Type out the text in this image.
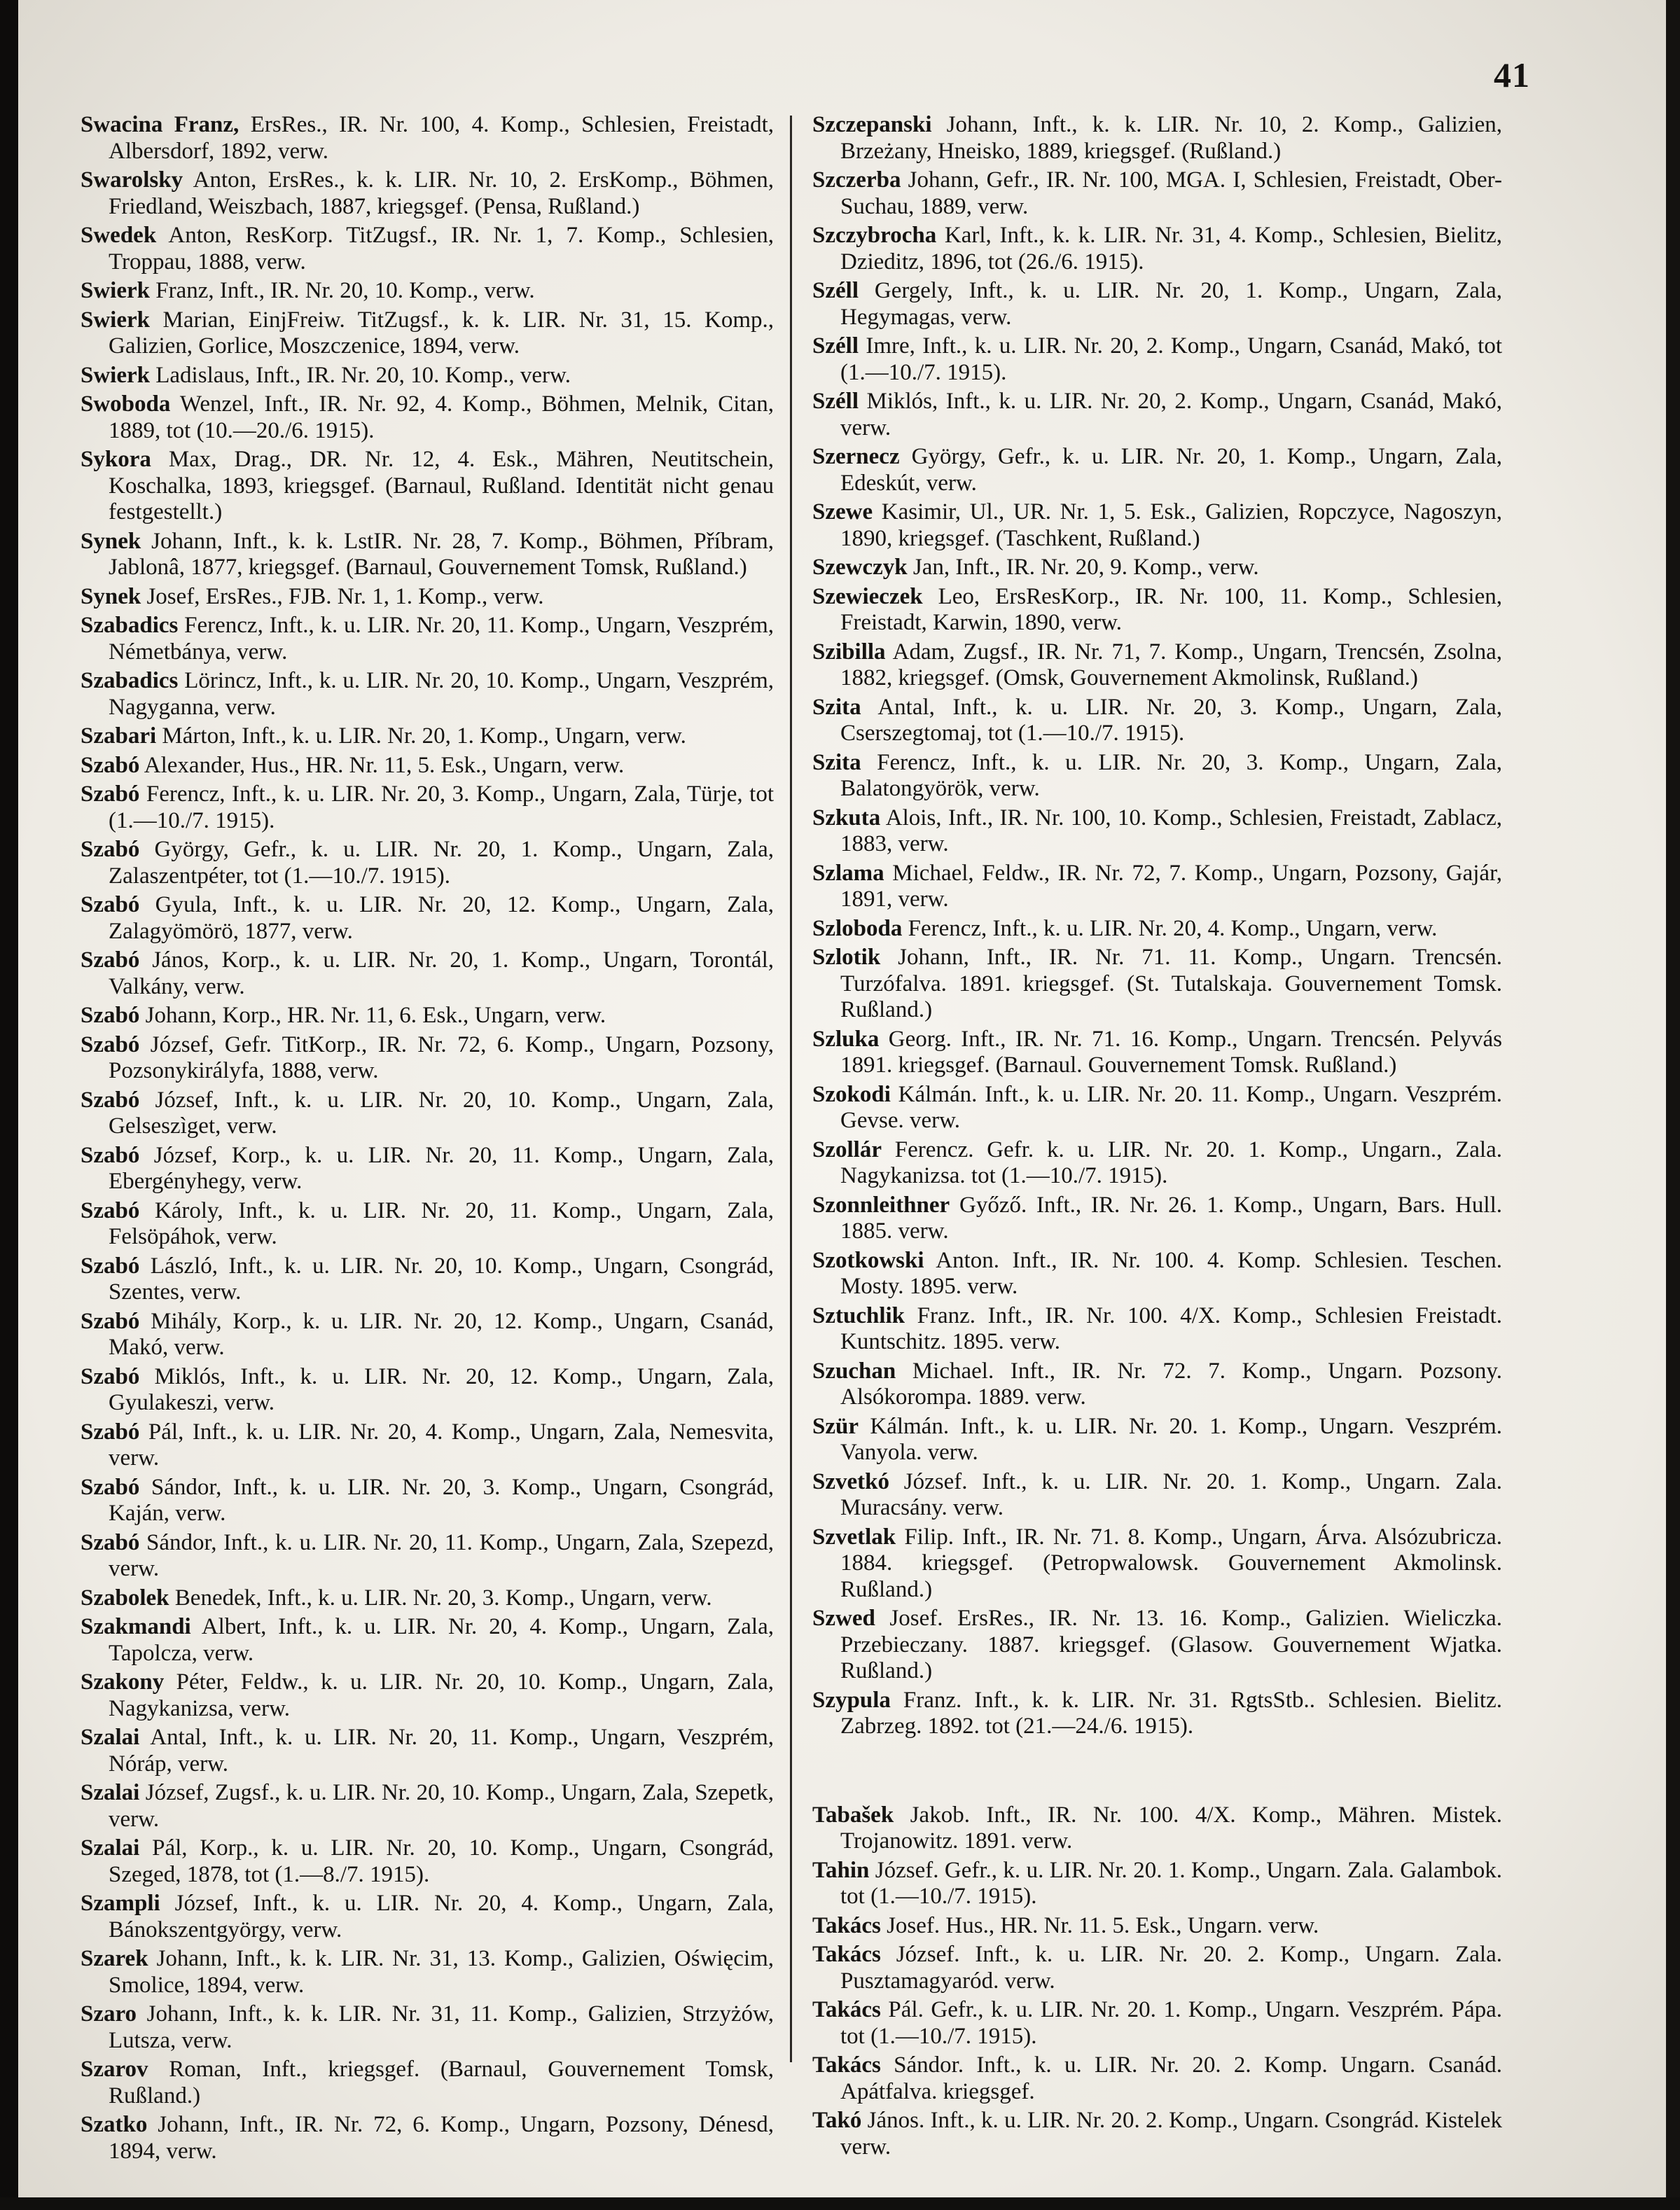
41

Swacina Franz, ErsRes., IR. Nr. 100, 4. Komp., Schlesien, Freistadt, Albersdorf, 1892, verw.

Swarolsky Anton, ErsRes., k. k. LIR. Nr. 10, 2. ErsKomp., Böhmen, Friedland, Weiszbach, 1887, kriegsgef. (Pensa, Rußland.)

Swedek Anton, ResKorp. TitZugsf., IR. Nr. 1, 7. Komp., Schlesien, Troppau, 1888, verw.

Swierk Franz, Inft., IR. Nr. 20, 10. Komp., verw.

Swierk Marian, EinjFreiw. TitZugsf., k. k. LIR. Nr. 31, 15. Komp., Galizien, Gorlice, Moszczenice, 1894, verw.

Swierk Ladislaus, Inft., IR. Nr. 20, 10. Komp., verw.

Swoboda Wenzel, Inft., IR. Nr. 92, 4. Komp., Böhmen, Melnik, Citan, 1889, tot (10.—20./6. 1915).

Sykora Max, Drag., DR. Nr. 12, 4. Esk., Mähren, Neutitschein, Koschalka, 1893, kriegsgef. (Barnaul, Rußland. Identität nicht genau festgestellt.)

Synek Johann, Inft., k. k. LstIR. Nr. 28, 7. Komp., Böhmen, Příbram, Jablonâ, 1877, kriegsgef. (Barnaul, Gouvernement Tomsk, Rußland.)

Synek Josef, ErsRes., FJB. Nr. 1, 1. Komp., verw.

Szabadics Ferencz, Inft., k. u. LIR. Nr. 20, 11. Komp., Ungarn, Veszprém, Németbánya, verw.

Szabadics Lörincz, Inft., k. u. LIR. Nr. 20, 10. Komp., Ungarn, Veszprém, Nagyganna, verw.

Szabari Márton, Inft., k. u. LIR. Nr. 20, 1. Komp., Ungarn, verw.

Szabó Alexander, Hus., HR. Nr. 11, 5. Esk., Ungarn, verw.

Szabó Ferencz, Inft., k. u. LIR. Nr. 20, 3. Komp., Ungarn, Zala, Türje, tot (1.—10./7. 1915).

Szabó György, Gefr., k. u. LIR. Nr. 20, 1. Komp., Ungarn, Zala, Zalaszentpéter, tot (1.—10./7. 1915).

Szabó Gyula, Inft., k. u. LIR. Nr. 20, 12. Komp., Ungarn, Zala, Zalagyömörö, 1877, verw.

Szabó János, Korp., k. u. LIR. Nr. 20, 1. Komp., Ungarn, Torontál, Valkány, verw.

Szabó Johann, Korp., HR. Nr. 11, 6. Esk., Ungarn, verw.

Szabó József, Gefr. TitKorp., IR. Nr. 72, 6. Komp., Ungarn, Pozsony, Pozsonykirályfa, 1888, verw.

Szabó József, Inft., k. u. LIR. Nr. 20, 10. Komp., Ungarn, Zala, Gelseszìget, verw.

Szabó József, Korp., k. u. LIR. Nr. 20, 11. Komp., Ungarn, Zala, Ebergényhegy, verw.

Szabó Károly, Inft., k. u. LIR. Nr. 20, 11. Komp., Ungarn, Zala, Felsöpáhok, verw.

Szabó László, Inft., k. u. LIR. Nr. 20, 10. Komp., Ungarn, Csongrád, Szentes, verw.

Szabó Mihály, Korp., k. u. LIR. Nr. 20, 12. Komp., Ungarn, Csanád, Makó, verw.

Szabó Miklós, Inft., k. u. LIR. Nr. 20, 12. Komp., Ungarn, Zala, Gyulakeszi, verw.

Szabó Pál, Inft., k. u. LIR. Nr. 20, 4. Komp., Ungarn, Zala, Nemesvita, verw.

Szabó Sándor, Inft., k. u. LIR. Nr. 20, 3. Komp., Ungarn, Csongrád, Kaján, verw.

Szabó Sándor, Inft., k. u. LIR. Nr. 20, 11. Komp., Ungarn, Zala, Szepezd, verw.

Szabolek Benedek, Inft., k. u. LIR. Nr. 20, 3. Komp., Ungarn, verw.

Szakmandi Albert, Inft., k. u. LIR. Nr. 20, 4. Komp., Ungarn, Zala, Tapolcza, verw.

Szakony Péter, Feldw., k. u. LIR. Nr. 20, 10. Komp., Ungarn, Zala, Nagykanizsa, verw.

Szalai Antal, Inft., k. u. LIR. Nr. 20, 11. Komp., Ungarn, Veszprém, Nóráp, verw.

Szalai József, Zugsf., k. u. LIR. Nr. 20, 10. Komp., Ungarn, Zala, Szepetk, verw.

Szalai Pál, Korp., k. u. LIR. Nr. 20, 10. Komp., Ungarn, Csongrád, Szeged, 1878, tot (1.—8./7. 1915).

Szampli József, Inft., k. u. LIR. Nr. 20, 4. Komp., Ungarn, Zala, Bánokszentgyörgy, verw.

Szarek Johann, Inft., k. k. LIR. Nr. 31, 13. Komp., Galizien, Oświęcim, Smolice, 1894, verw.

Szaro Johann, Inft., k. k. LIR. Nr. 31, 11. Komp., Galizien, Strzyżów, Lutsza, verw.

Szarov Roman, Inft., kriegsgef. (Barnaul, Gouvernement Tomsk, Rußland.)

Szatko Johann, Inft., IR. Nr. 72, 6. Komp., Ungarn, Pozsony, Dénesd, 1894, verw.

Szczepanski Johann, Inft., k. k. LIR. Nr. 10, 2. Komp., Galizien, Brzeżany, Hneisko, 1889, kriegsgef. (Rußland.)

Szczerba Johann, Gefr., IR. Nr. 100, MGA. I, Schlesien, Freistadt, Ober-Suchau, 1889, verw.

Szczybrocha Karl, Inft., k. k. LIR. Nr. 31, 4. Komp., Schlesien, Bielitz, Dzieditz, 1896, tot (26./6. 1915).

Széll Gergely, Inft., k. u. LIR. Nr. 20, 1. Komp., Ungarn, Zala, Hegymagas, verw.

Széll Imre, Inft., k. u. LIR. Nr. 20, 2. Komp., Ungarn, Csanád, Makó, tot (1.—10./7. 1915).

Széll Miklós, Inft., k. u. LIR. Nr. 20, 2. Komp., Ungarn, Csanád, Makó, verw.

Szernecz György, Gefr., k. u. LIR. Nr. 20, 1. Komp., Ungarn, Zala, Edeskút, verw.

Szewe Kasimir, Ul., UR. Nr. 1, 5. Esk., Galizien, Ropczyce, Nagoszyn, 1890, kriegsgef. (Taschkent, Rußland.)

Szewczyk Jan, Inft., IR. Nr. 20, 9. Komp., verw.

Szewieczek Leo, ErsResKorp., IR. Nr. 100, 11. Komp., Schlesien, Freistadt, Karwin, 1890, verw.

Szibilla Adam, Zugsf., IR. Nr. 71, 7. Komp., Ungarn, Trencsén, Zsolna, 1882, kriegsgef. (Omsk, Gouvernement Akmolinsk, Rußland.)

Szita Antal, Inft., k. u. LIR. Nr. 20, 3. Komp., Ungarn, Zala, Cserszegtomaj, tot (1.—10./7. 1915).

Szita Ferencz, Inft., k. u. LIR. Nr. 20, 3. Komp., Ungarn, Zala, Balatongyörök, verw.

Szkuta Alois, Inft., IR. Nr. 100, 10. Komp., Schlesien, Freistadt, Zablacz, 1883, verw.

Szlama Michael, Feldw., IR. Nr. 72, 7. Komp., Ungarn, Pozsony, Gajár, 1891, verw.

Szloboda Ferencz, Inft., k. u. LIR. Nr. 20, 4. Komp., Ungarn, verw.

Szlotik Johann, Inft., IR. Nr. 71. 11. Komp., Ungarn. Trencsén. Turzófalva. 1891. kriegsgef. (St. Tutalskaja. Gouvernement Tomsk. Rußland.)

Szluka Georg. Inft., IR. Nr. 71. 16. Komp., Ungarn. Trencsén. Pelyvás 1891. kriegsgef. (Barnaul. Gouvernement Tomsk. Rußland.)

Szokodi Kálmán. Inft., k. u. LIR. Nr. 20. 11. Komp., Ungarn. Veszprém. Gevse. verw.

Szollár Ferencz. Gefr. k. u. LIR. Nr. 20. 1. Komp., Ungarn., Zala. Nagykanizsa. tot (1.—10./7. 1915).

Szonnleithner Győző. Inft., IR. Nr. 26. 1. Komp., Ungarn, Bars. Hull. 1885. verw.

Szotkowski Anton. Inft., IR. Nr. 100. 4. Komp. Schlesien. Teschen. Mosty. 1895. verw.

Sztuchlik Franz. Inft., IR. Nr. 100. 4/X. Komp., Schlesien Freistadt. Kuntschitz. 1895. verw.

Szuchan Michael. Inft., IR. Nr. 72. 7. Komp., Ungarn. Pozsony. Alsókorompa. 1889. verw.

Szür Kálmán. Inft., k. u. LIR. Nr. 20. 1. Komp., Ungarn. Veszprém. Vanyola. verw.

Szvetkó József. Inft., k. u. LIR. Nr. 20. 1. Komp., Ungarn. Zala. Muracsány. verw.

Szvetlak Filip. Inft., IR. Nr. 71. 8. Komp., Ungarn, Árva. Alsózubricza. 1884. kriegsgef. (Petropwalowsk. Gouvernement Akmolinsk. Rußland.)

Szwed Josef. ErsRes., IR. Nr. 13. 16. Komp., Galizien. Wieliczka. Przebieczany. 1887. kriegsgef. (Glasow. Gouvernement Wjatka. Rußland.)

Szypula Franz. Inft., k. k. LIR. Nr. 31. RgtsStb.. Schlesien. Bielitz. Zabrzeg. 1892. tot (21.—24./6. 1915).

Tabašek Jakob. Inft., IR. Nr. 100. 4/X. Komp., Mähren. Mistek. Trojanowitz. 1891. verw.

Tahin József. Gefr., k. u. LIR. Nr. 20. 1. Komp., Ungarn. Zala. Galambok. tot (1.—10./7. 1915).

Takács Josef. Hus., HR. Nr. 11. 5. Esk., Ungarn. verw.

Takács József. Inft., k. u. LIR. Nr. 20. 2. Komp., Ungarn. Zala. Pusztamagyaród. verw.

Takács Pál. Gefr., k. u. LIR. Nr. 20. 1. Komp., Ungarn. Veszprém. Pápa. tot (1.—10./7. 1915).

Takács Sándor. Inft., k. u. LIR. Nr. 20. 2. Komp. Ungarn. Csanád. Apátfalva. kriegsgef.

Takó János. Inft., k. u. LIR. Nr. 20. 2. Komp., Ungarn. Csongrád. Kistelek verw.
